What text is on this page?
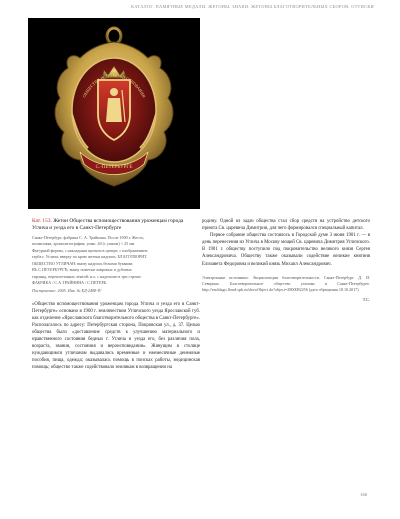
КАТАЛОГ. ПАМЯТНЫЕ МЕДАЛИ, ЖЕТОНЫ, ЗНАКИ. ЖЕТОНЫ БЛАГОТВОРИТЕЛЬНЫХ СБОРОВ. ОТТИСКИ
С.-ПЕТЕРБУРГЕ
ОБЩЕСТВО ВСПОМОЩЕСТВОВАНИЯ

Кат. 153. Жетон Общества вспомоществования уроженцам города Углича и уезда его в Санкт-Петербурге

Санкт-Петербург, фабрика С. А. Трайнина. После 1900 г. Жесть;
штамповка, хромолитография; ушко. 40 (с ушком) × 25 мм
Фигурной формы, с накладным щитком в центре, с изображением
герба г. Углича; вверху по краю жетона надпись: БЛАГОТВОРИТ.
ОБЩЕСТВО УГЛИЧАН; внизу надпись белыми буквами:
ВЪ С.ПЕТЕРБУРГѢ; внизу пометки лавровых и дубовых
гирлянд, переплетенных лентой; н.о. с надписью в три строки:
ФАБРИКА / С.А.ТРАЙНИНА / С.ПЕТЕРБ.

Поступление: 2005. Инв. № ЕД-2408-IV

«Общество вспомоществования уроженцам города Углича и уезда его в Санкт-Петербурге» основано в 1900 г. землячеством Угличского уезда Ярославской губ. как отделение «Ярославского благотворительного общества в Санкт-Петербурге». Располагалось по адресу: Петербургская сторона, Покровская ул., д. 37. Целью общества было «доставление средств к улучшению материального и нравственного состояния бедных г. Углича и уезда его, без различия пола, возраста, звания, состояния и вероисповедания». Живущим в столице нуждающимся угличанам выдавались временные и ежемесячные денежные пособия, пища, одежда; оказывалась помощь в поисках работы, медицинская помощь; общество также содействовало землякам в возвращении на

родину. Одной из задач общества стал сбор средств на устройство детского приюта Св. царевича Димитрия, для чего формировался специальный капитал.

Первое собрание общества состоялось в Городской думе 3 июня 1901 г. — в день перенесения из Углича в Москву мощей Св. царевича Димитрия Угличского. В 1901 г. обществу поступило под покровительство великого князя Сергея Александровича. Обществу также оказывали содействие великие княгиня Елизавета Федоровна и великий князь Михаил Александрович.

Электронные источники: Энциклопедия благотворительности. Санкт-Петербург. Д. И. Северина. Благотворительное общество угличан в Санкт-Петербурге. http://encblago.lfond.spb.ru/showObject.do?object=2800082256 (дата обращения 18.10.2017)

Т.С.
160
